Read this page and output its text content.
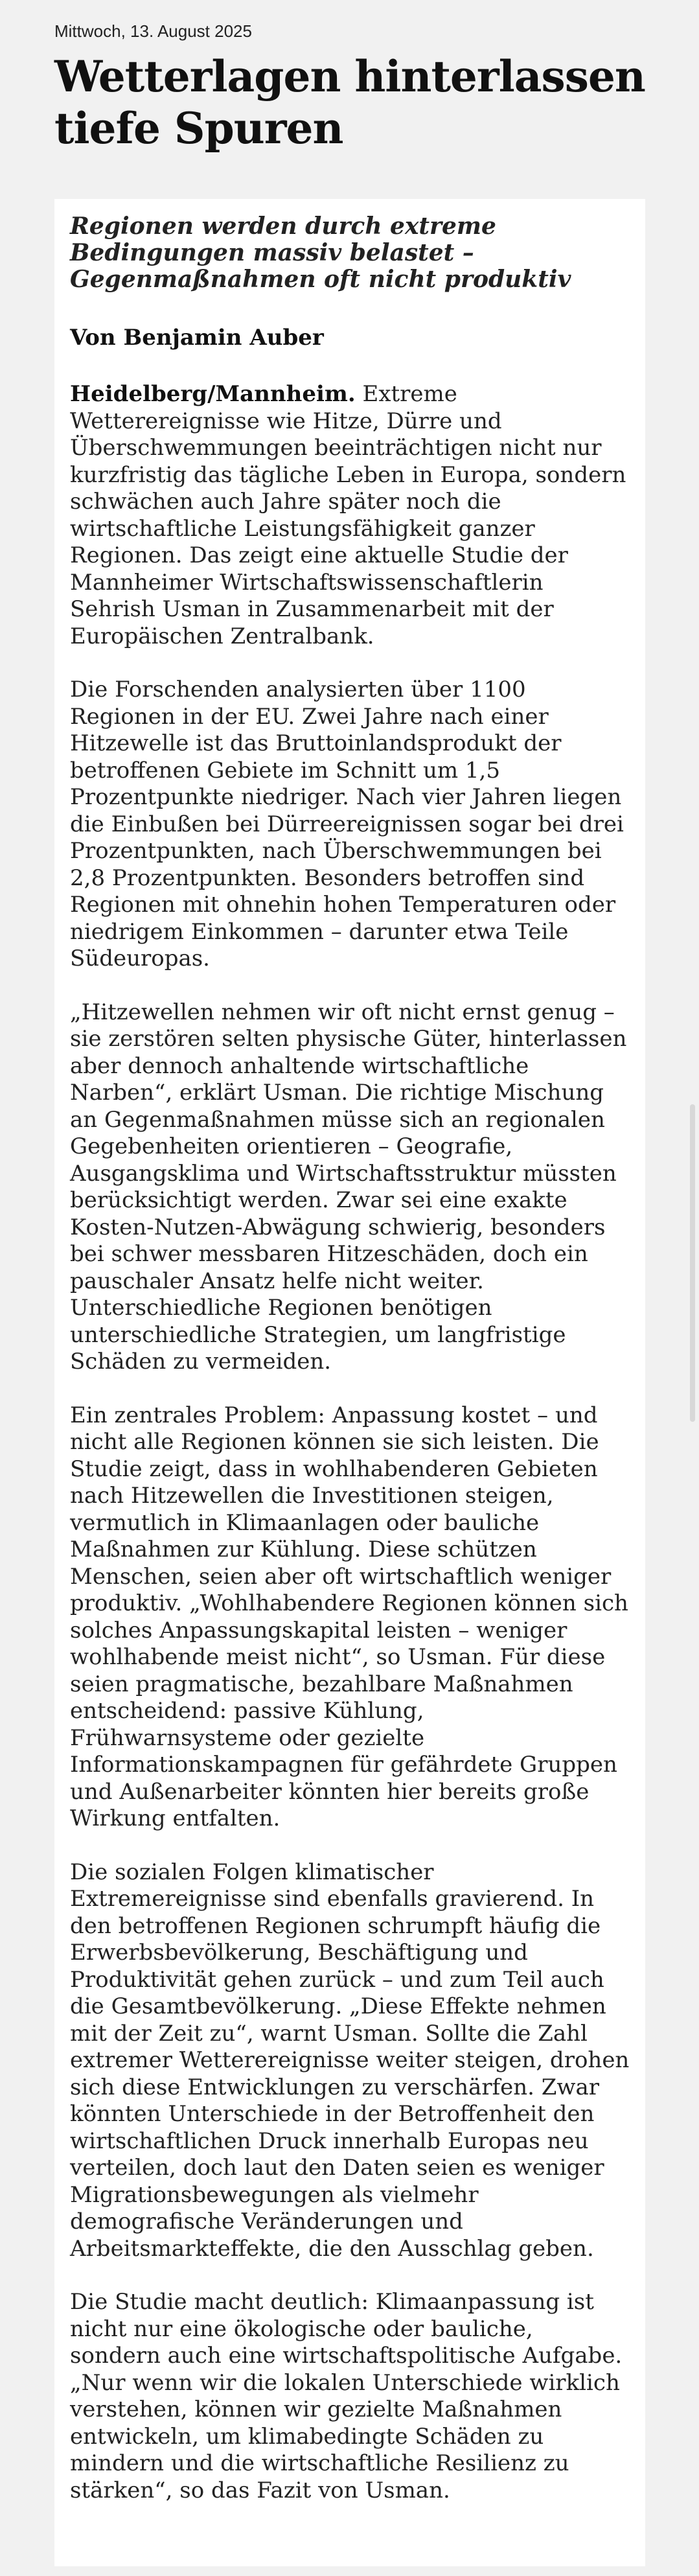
Mittwoch, 13. August 2025

Wetterlagen hinterlassen tiefe Spuren
Regionen werden durch extreme Bedingungen massiv belastet – Gegenmaßnahmen oft nicht produktiv

Von Benjamin Auber

Heidelberg/Mannheim. Extreme Wetterereignisse wie Hitze, Dürre und Überschwemmungen beeinträchtigen nicht nur kurzfristig das tägliche Leben in Europa, sondern schwächen auch Jahre später noch die wirtschaftliche Leistungsfähigkeit ganzer Regionen. Das zeigt eine aktuelle Studie der Mannheimer Wirtschaftswissenschaftlerin Sehrish Usman in Zusammenarbeit mit der Europäischen Zentralbank.

Die Forschenden analysierten über 1100 Regionen in der EU. Zwei Jahre nach einer Hitzewelle ist das Bruttoinlandsprodukt der betroffenen Gebiete im Schnitt um 1,5 Prozentpunkte niedriger. Nach vier Jahren liegen die Einbußen bei Dürreereignissen sogar bei drei Prozentpunkten, nach Überschwemmungen bei 2,8 Prozentpunkten. Besonders betroffen sind Regionen mit ohnehin hohen Temperaturen oder niedrigem Einkommen – darunter etwa Teile Südeuropas.

„Hitzewellen nehmen wir oft nicht ernst genug – sie zerstören selten physische Güter, hinterlassen aber dennoch anhaltende wirtschaftliche Narben“, erklärt Usman. Die richtige Mischung an Gegenmaßnahmen müsse sich an regionalen Gegebenheiten orientieren – Geografie, Ausgangsklima und Wirtschaftsstruktur müssten berücksichtigt werden. Zwar sei eine exakte Kosten-Nutzen-Abwägung schwierig, besonders bei schwer messbaren Hitzeschäden, doch ein pauschaler Ansatz helfe nicht weiter. Unterschiedliche Regionen benötigen unterschiedliche Strategien, um langfristige Schäden zu vermeiden.

Ein zentrales Problem: Anpassung kostet – und nicht alle Regionen können sie sich leisten. Die Studie zeigt, dass in wohlhabenderen Gebieten nach Hitzewellen die Investitionen steigen, vermutlich in Klimaanlagen oder bauliche Maßnahmen zur Kühlung. Diese schützen Menschen, seien aber oft wirtschaftlich weniger produktiv. „Wohlhabendere Regionen können sich solches Anpassungskapital leisten – weniger wohlhabende meist nicht“, so Usman. Für diese seien pragmatische, bezahlbare Maßnahmen entscheidend: passive Kühlung, Frühwarnsysteme oder gezielte Informationskampagnen für gefährdete Gruppen und Außenarbeiter könnten hier bereits große Wirkung entfalten.

Die sozialen Folgen klimatischer Extremereignisse sind ebenfalls gravierend. In den betroffenen Regionen schrumpft häufig die Erwerbsbevölkerung, Beschäftigung und Produktivität gehen zurück – und zum Teil auch die Gesamtbevölkerung. „Diese Effekte nehmen mit der Zeit zu“, warnt Usman. Sollte die Zahl extremer Wetterereignisse weiter steigen, drohen sich diese Entwicklungen zu verschärfen. Zwar könnten Unterschiede in der Betroffenheit den wirtschaftlichen Druck innerhalb Europas neu verteilen, doch laut den Daten seien es weniger Migrationsbewegungen als vielmehr demografische Veränderungen und Arbeitsmarkteffekte, die den Ausschlag geben.

Die Studie macht deutlich: Klimaanpassung ist nicht nur eine ökologische oder bauliche, sondern auch eine wirtschaftspolitische Aufgabe. „Nur wenn wir die lokalen Unterschiede wirklich verstehen, können wir gezielte Maßnahmen entwickeln, um klimabedingte Schäden zu mindern und die wirtschaftliche Resilienz zu stärken“, so das Fazit von Usman.
